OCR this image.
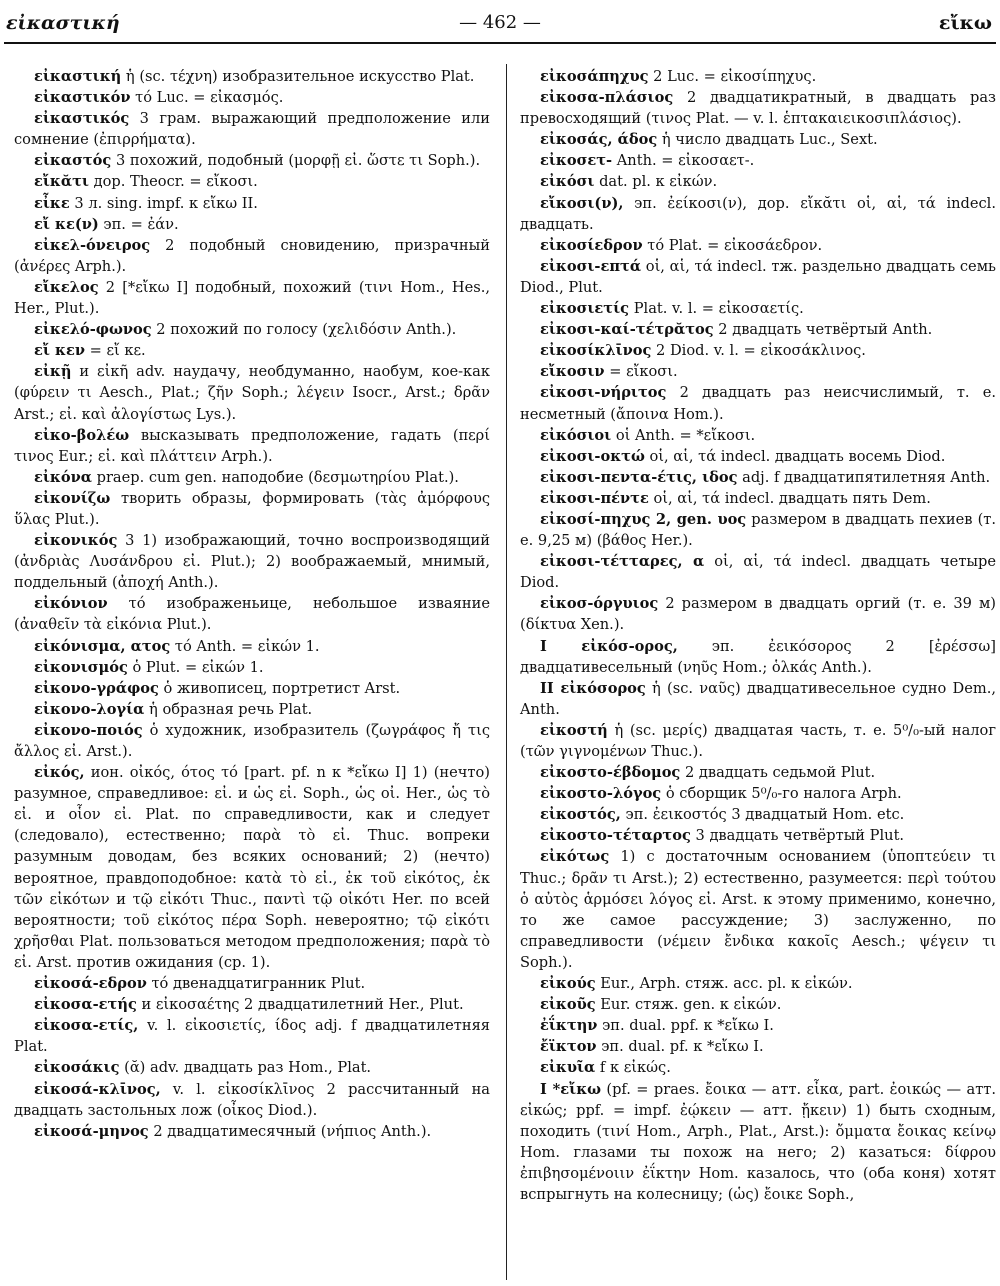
εἰκαστική	— 462 —	εἴκω

εἰκαστική ἡ (sc. τέχνη) изобразительное искусство Plat.

εἰκαστικόν τό Luc. = εἰκασμός.

εἰκαστικός 3 грам. выражающий предположение или сомнение (ἐπιρρήματα).

εἰκαστός 3 похожий, подобный (μορφῇ εἰ. ὥστε τι Soph.).

εἴκᾰτι дор. Theocr. = εἴκοσι.

εἶκε 3 л. sing. impf. к εἴκω II.

εἴ κε(ν) эп. = ἐάν.

εἰκελ-όνειρος 2 подобный сновидению, призрачный (ἀνέρες Arph.).

εἴκελος 2 [*εἴκω I] подобный, похожий (τινι Hom., Hes., Her., Plut.).

εἰκελό-φωνος 2 похожий по голосу (χελιδόσιν Anth.).

εἴ κεν = εἴ κε.

εἰκῇ и εἰκῆ adv. наудачу, необдуманно, наобум, кое-как (φύρειν τι Aesch., Plat.; ζῆν Soph.; λέγειν Isocr., Arst.; δρᾶν Arst.; εἰ. καὶ ἀλογίστως Lys.).

εἰκο-βολέω высказывать предположение, гадать (περί τινος Eur.; εἰ. καὶ πλάττειν Arph.).

εἰκόνα praep. cum gen. наподобие (δεσμωτηρίου Plat.).

εἰκονίζω творить образы, формировать (τὰς ἀμόρφους ὕλας Plut.).

εἰκονικός 3 1) изображающий, точно воспроизводящий (ἀνδριὰς Λυσάνδρου εἰ. Plut.); 2) воображаемый, мнимый, поддельный (ἀποχή Anth.).

εἰκόνιον τό изображеньице, небольшое изваяние (ἀναθεῖν τὰ εἰκόνια Plut.).

εἰκόνισμα, ατος τό Anth. = εἰκών 1.

εἰκονισμός ὁ Plut. = εἰκών 1.

εἰκονο-γράφος ὁ живописец, портретист Arst.

εἰκονο-λογία ἡ образная речь Plat.

εἰκονο-ποιός ὁ художник, изобразитель (ζωγράφος ἤ τις ἄλλος εἰ. Arst.).

εἰκός, ион. οἰκός, ότος τό [part. pf. n к *εἴκω I] 1) (нечто) разумное, справедливое: εἰ. и ὡς εἰ. Soph., ὡς οἰ. Her., ὡς τὸ εἰ. и οἷον εἰ. Plat. по справедливости, как и следует (следовало), естественно; παρὰ τὸ εἰ. Thuc. вопреки разумным доводам, без всяких оснований; 2) (нечто) вероятное, правдоподобное: κατὰ τὸ εἰ., ἐκ τοῦ εἰκότος, ἐκ τῶν εἰκότων и τῷ εἰκότι Thuc., παντὶ τῷ οἰκότι Her. по всей вероятности; τοῦ εἰκότος πέρα Soph. невероятно; τῷ εἰκότι χρῆσθαι Plat. пользоваться методом предположения; παρὰ τὸ εἰ. Arst. против ожидания (ср. 1).

εἰκοσά-εδρον τό двенадцатигранник Plut.

εἰκοσα-ετής и εἰκοσαέτης 2 двадцатилетний Her., Plut.

εἰκοσα-ετίς, v. l. εἰκοσιετίς, ίδος adj. f двадцатилетняя Plat.

εἰκοσάκις (ᾰ) adv. двадцать раз Hom., Plat.

εἰκοσά-κλῑνος, v. l. εἰκοσίκλῑνος 2 рассчитанный на двадцать застольных лож (οἶκος Diod.).

εἰκοσά-μηνος 2 двадцатимесячный (νήπιος Anth.).

εἰκοσάπηχυς 2 Luc. = εἰκοσίπηχυς.

εἰκοσα-πλάσιος 2 двадцатикратный, в двадцать раз превосходящий (τινος Plat. — v. l. ἑπτακαιεικοσιπλάσιος).

εἰκοσάς, άδος ἡ число двадцать Luc., Sext.

εἰκοσετ- Anth. = εἰκοσαετ-.

εἰκόσι dat. pl. к εἰκών.

εἴκοσι(ν), эп. ἐείκοσι(ν), дор. εἴκᾰτι οἱ, αἱ, τά indecl. двадцать.

εἰκοσίεδρον τό Plat. = εἰκοσάεδρον.

εἰκοσι-επτά οἱ, αἱ, τά indecl. тж. раздельно двадцать семь Diod., Plut.

εἰκοσιετίς Plat. v. l. = εἰκοσαετίς.

εἰκοσι-καί-τέτρᾰτος 2 двадцать четвёртый Anth.

εἰκοσίκλῑνος 2 Diod. v. l. = εἰκοσάκλινος.

εἴκοσιν = εἴκοσι.

εἰκοσι-νήριτος 2 двадцать раз неисчислимый, т. е. несметный (ἄποινα Hom.).

εἰκόσιοι οἱ Anth. = *εἴκοσι.

εἰκοσι-οκτώ οἱ, αἱ, τά indecl. двадцать восемь Diod.

εἰκοσι-πεντα-έτις, ιδος adj. f двадцатипятилетняя Anth.

εἰκοσι-πέντε οἱ, αἱ, τά indecl. двадцать пять Dem.

εἰκοσί-πηχυς 2, gen. υος размером в двадцать пехиев (т. е. 9,25 м) (βάθος Her.).

εἰκοσι-τέτταρες, α οἱ, αἱ, τά indecl. двадцать четыре Diod.

εἰκοσ-όργυιος 2 размером в двадцать оргий (т. е. 39 м) (δίκτυα Xen.).

I εἰκόσ-ορος, эп. ἐεικόσορος 2 [ἐρέσσω] двадцативесельный (νηῦς Hom.; ὁλκάς Anth.).

II εἰκόσορος ἡ (sc. ναῦς) двадцативесельное судно Dem., Anth.

εἰκοστή ἡ (sc. μερίς) двадцатая часть, т. е. 5⁰/₀-ый налог (τῶν γιγνομένων Thuc.).

εἰκοστο-έβδομος 2 двадцать седьмой Plut.

εἰκοστο-λόγος ὁ сборщик 5⁰/₀-го налога Arph.

εἰκοστός, эп. ἐεικοστός 3 двадцатый Hom. etc.

εἰκοστο-τέταρτος 3 двадцать четвёртый Plut.

εἰκότως 1) с достаточным основанием (ὑποπτεύειν τι Thuc.; δρᾶν τι Arst.); 2) естественно, разумеется: περὶ τούτου ὁ αὐτὸς ἁρμόσει λόγος εἰ. Arst. к этому применимо, конечно, то же самое рассуждение; 3) заслуженно, по справедливости (νέμειν ἔνδικα κακοῖς Aesch.; ψέγειν τι Soph.).

εἰκούς Eur., Arph. стяж. acc. pl. к εἰκών.

εἰκοῦς Eur. стяж. gen. к εἰκών.

ἐΐκτην эп. dual. ppf. к *εἴκω I.

ἔϊκτον эп. dual. pf. к *εἴκω I.

εἰκυῖα f к εἰκώς.

I *εἴκω (pf. = praes. ἔοικα — атт. εἶκα, part. ἐοικώς — атт. εἰκώς; ppf. = impf. ἐῴκειν — атт. ᾔκειν) 1) быть сходным, походить (τινί Hom., Arph., Plat., Arst.): ὄμματα ἔοικας κείνῳ Hom. глазами ты похож на него; 2) казаться: δίφρου ἐπιβησομένοιιν ἐΐκτην Hom. казалось, что (оба коня) хотят вспрыгнуть на колесницу; (ὡς) ἔοικε Soph.,
